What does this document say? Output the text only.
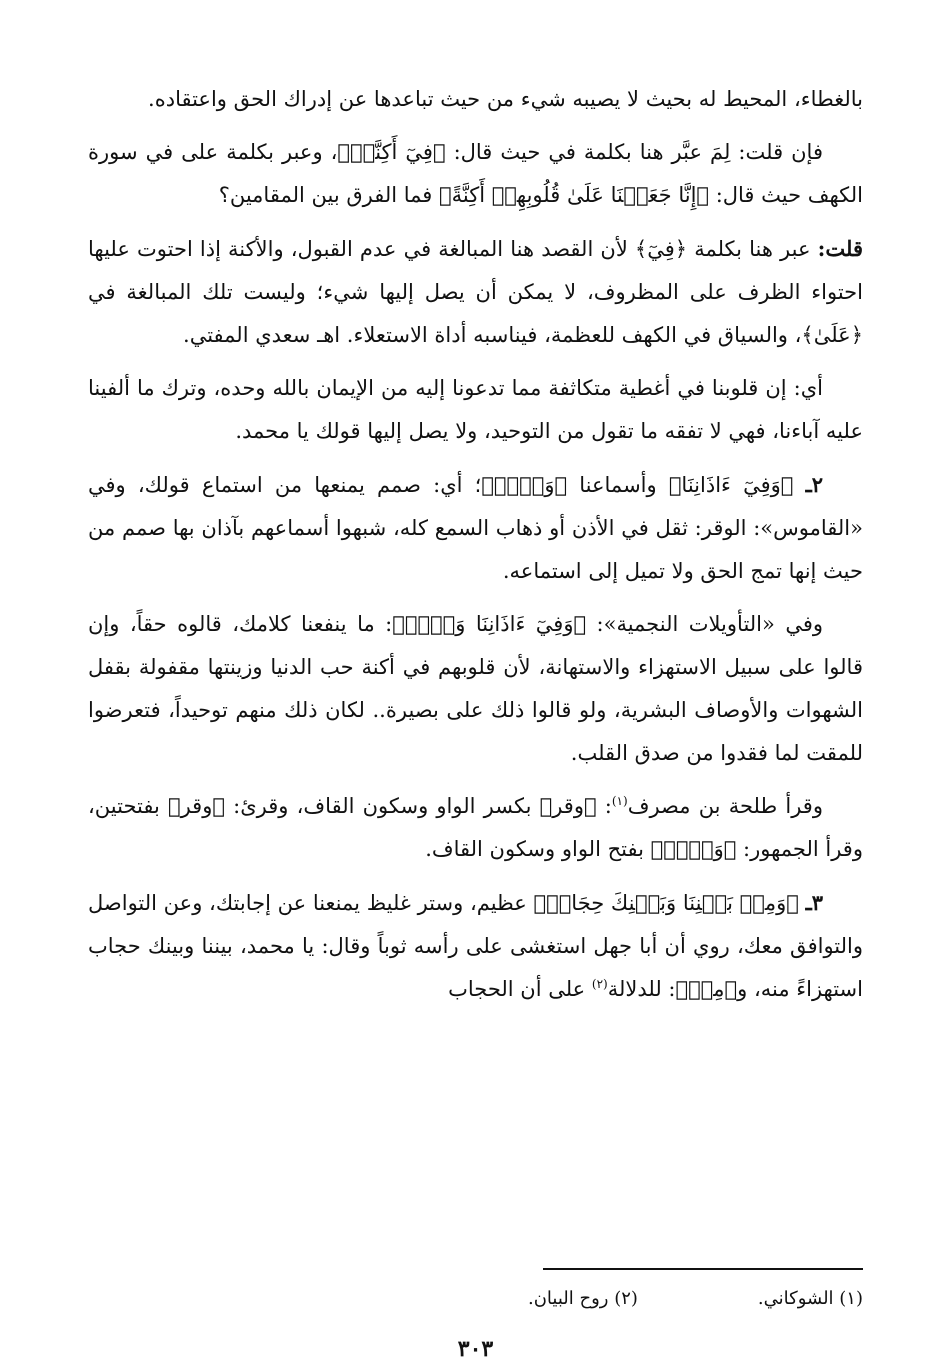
بالغطاء، المحيط له بحيث لا يصيبه شيء من حيث تباعدها عن إدراك الحق واعتقاده.

فإن قلت: لِمَ عبَّر هنا بكلمة في حيث قال: ﴿فِيٓ أَكِنَّةٖ﴾، وعبر بكلمة على في سورة الكهف حيث قال: ﴿إِنَّا جَعَلۡنَا عَلَىٰ قُلُوبِهِمۡ أَكِنَّةً﴾ فما الفرق بين المقامين؟

قلت: عبر هنا بكلمة ﴿فِيٓ﴾ لأن القصد هنا المبالغة في عدم القبول، والأكنة إذا احتوت عليها احتواء الظرف على المظروف، لا يمكن أن يصل إليها شيء؛ وليست تلك المبالغة في ﴿عَلَىٰ﴾، والسياق في الكهف للعظمة، فيناسبه أداة الاستعلاء. اهـ سعدي المفتي.

أي: إن قلوبنا في أغطية متكاثفة مما تدعونا إليه من الإيمان بالله وحده، وترك ما ألفينا عليه آباءنا، فهي لا تفقه ما تقول من التوحيد، ولا يصل إليها قولك يا محمد.

٢ـ ﴿وَفِيٓ ءَاذَانِنَا﴾ وأسماعنا ﴿وَقۡرٞ﴾؛ أي: صمم يمنعها من استماع قولك، وفي «القاموس»: الوقر: ثقل في الأذن أو ذهاب السمع كله، شبهوا أسماعهم بآذان بها صمم من حيث إنها تمج الحق ولا تميل إلى استماعه.

وفي «التأويلات النجمية»: ﴿وَفِيٓ ءَاذَانِنَا وَقۡرٞ﴾: ما ينفعنا كلامك، قالوه حقاً، وإن قالوا على سبيل الاستهزاء والاستهانة، لأن قلوبهم في أكنة حب الدنيا وزينتها مقفولة بقفل الشهوات والأوصاف البشرية، ولو قالوا ذلك على بصيرة.. لكان ذلك منهم توحيداً، فتعرضوا للمقت لما فقدوا من صدق القلب.

وقرأ طلحة بن مصرف$^{(١)}$: ﴿وقر﴾ بكسر الواو وسكون القاف، وقرئ: ﴿وقر﴾ بفتحتين، وقرأ الجمهور: ﴿وَقۡرٞ﴾ بفتح الواو وسكون القاف.

٣ـ ﴿وَمِنۢ بَيۡنِنَا وَبَيۡنِكَ حِجَابٞ﴾ عظيم، وستر غليظ يمنعنا عن إجابتك، وعن التواصل والتوافق معك، روي أن أبا جهل استغشى على رأسه ثوباً وقال: يا محمد، بيننا وبينك حجاب استهزاءً منه، و﴿مِنۢ﴾: للدلالة$^{(٢)}$ على أن الحجاب

(١) الشوكاني.(٢) روح البيان.
٣٠٣
